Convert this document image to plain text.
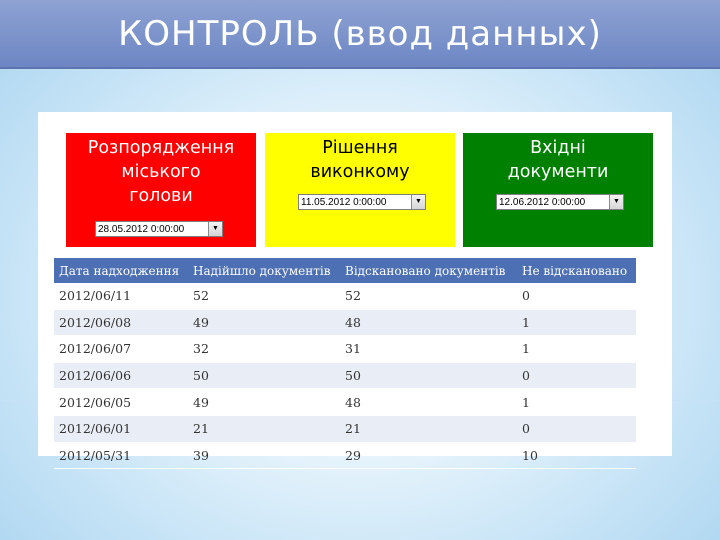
КОНТРОЛЬ (ввод данных)
Розпорядження
міського
голови
28.05.2012 0:00:00	▼
Рішення
виконкому
11.05.2012 0:00:00	▼
Вхідні
документи
12.06.2012 0:00:00	▼
Дата надходження	Надійшло документів	Відскановано документів	Не відскановано
2012/06/11	52	52	0
2012/06/08	49	48	1
2012/06/07	32	31	1
2012/06/06	50	50	0
2012/06/05	49	48	1
2012/06/01	21	21	0
2012/05/31	39	29	10
